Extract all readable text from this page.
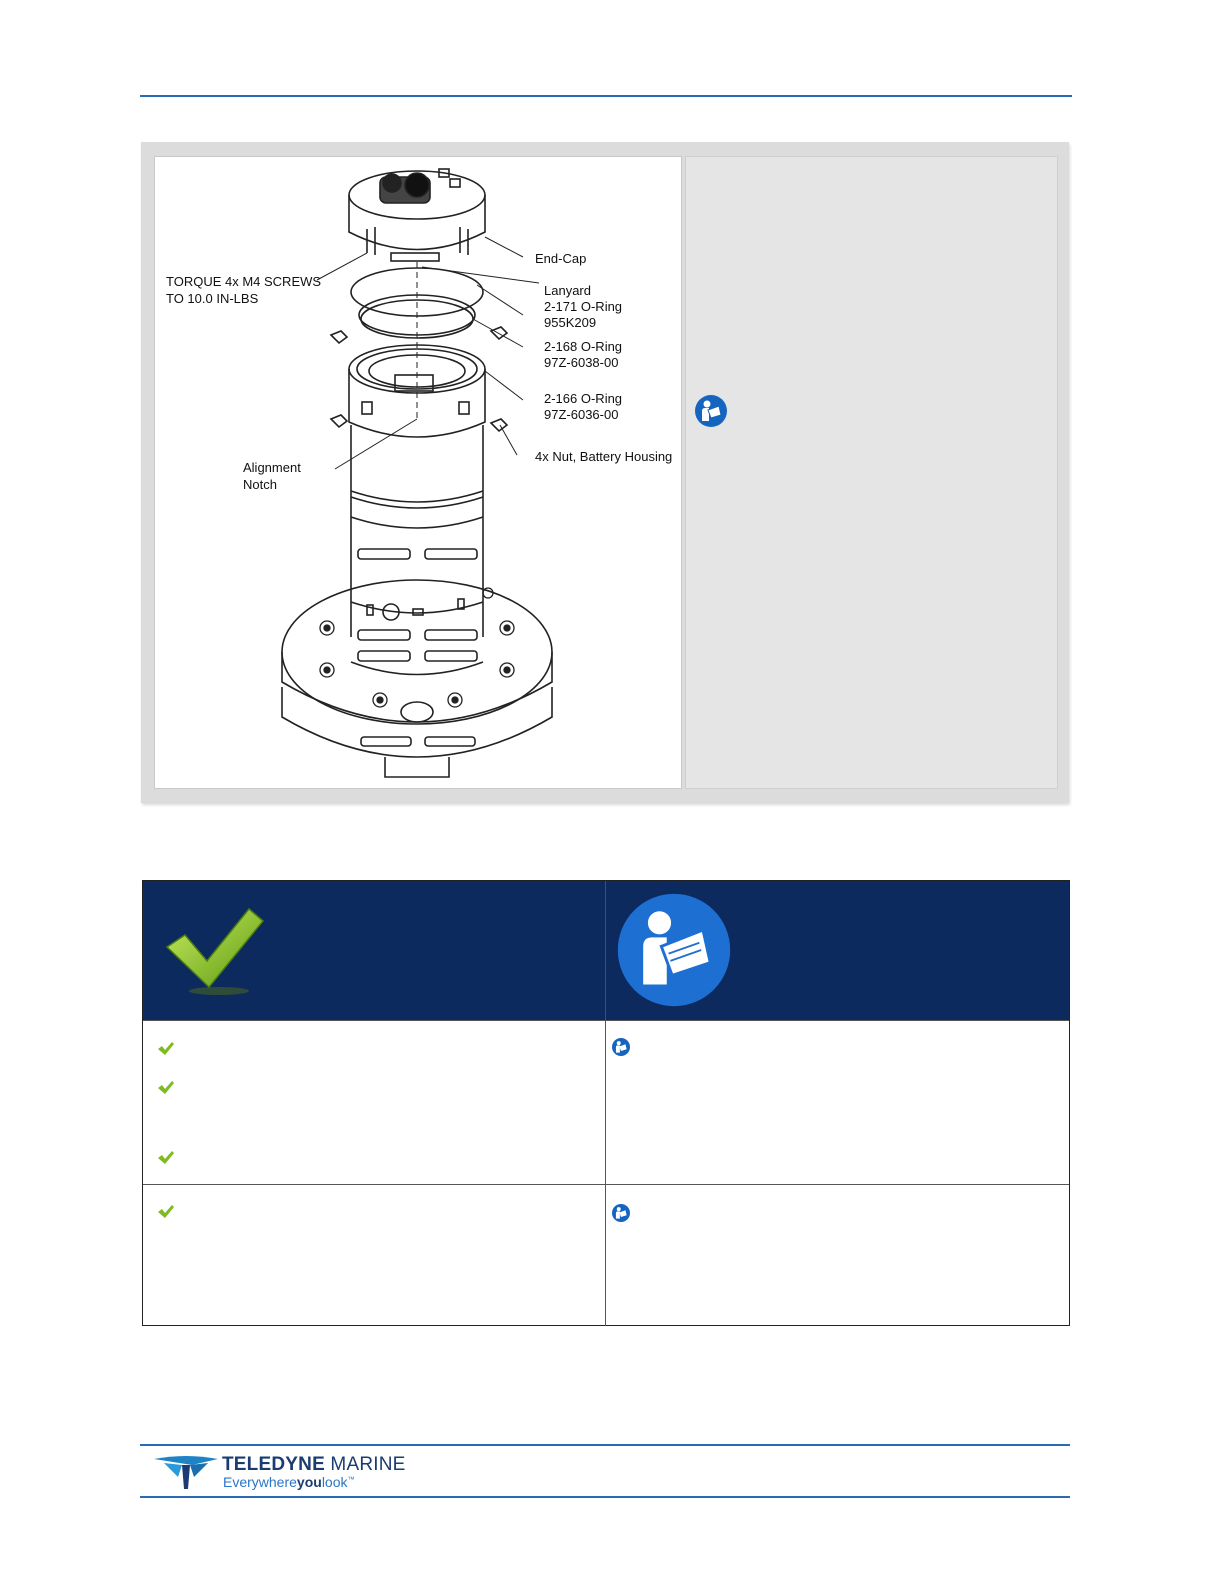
TORQUE 4x M4 SCREWS
TO 10.0 IN-LBS
End-Cap
Lanyard
2-171 O-Ring
955K209
2-168 O-Ring
97Z-6038-00
2-166 O-Ring
97Z-6036-00
4x Nut, Battery Housing
Alignment
Notch
TELEDYNE MARINE
Everywhereyoulook™
